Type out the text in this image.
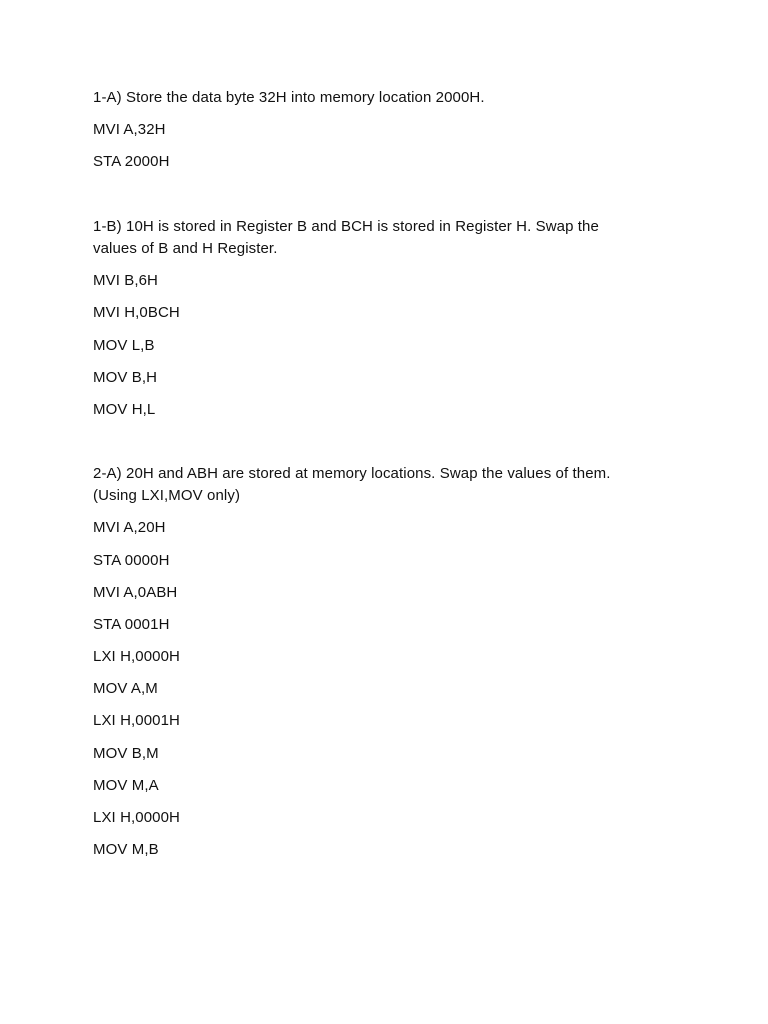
1-A) Store the data byte 32H into memory location 2000H.
MVI A,32H
STA 2000H
1-B) 10H is stored in Register B and BCH is stored in Register H. Swap the
values of B and H Register.
MVI B,6H
MVI H,0BCH
MOV L,B
MOV B,H
MOV H,L
2-A) 20H and ABH are stored at memory locations. Swap the values of them.
(Using LXI,MOV only)
MVI A,20H
STA 0000H
MVI A,0ABH
STA 0001H
LXI H,0000H
MOV A,M
LXI H,0001H
MOV B,M
MOV M,A
LXI H,0000H
MOV M,B
